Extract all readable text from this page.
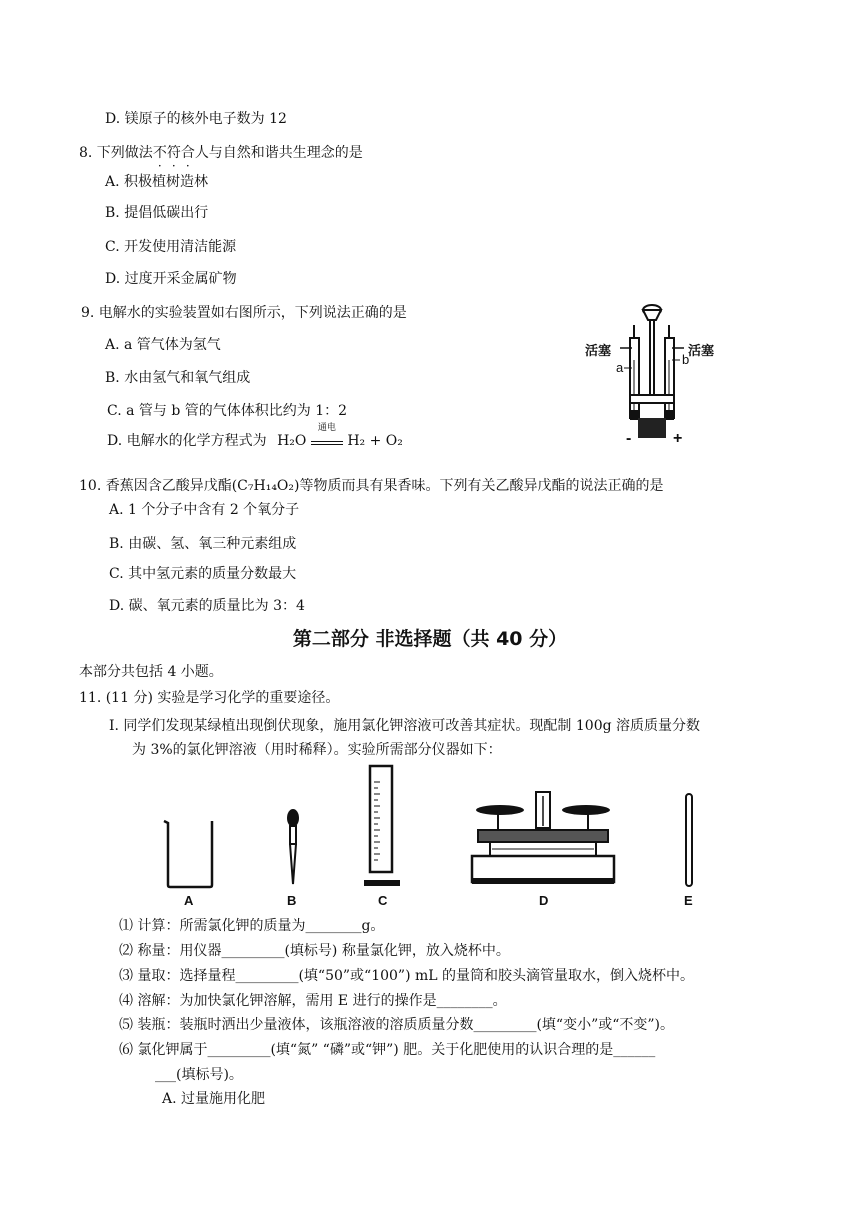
D. 镁原子的核外电子数为 12
8. 下列做法不符合人与自然和谐共生理念的是
A. 积极植树造林
B. 提倡低碳出行
C. 开发使用清洁能源
D. 过度开采金属矿物
9. 电解水的实验装置如右图所示，下列说法正确的是
A. a 管气体为氢气
B. 水由氢气和氧气组成
C. a 管与 b 管的气体体积比约为 1：2
D. 电解水的化学方程式为 H₂O
通电
H₂ + O₂
活塞	活塞
a
b
-	+
10. 香蕉因含乙酸异戊酯(C₇H₁₄O₂)等物质而具有果香味。下列有关乙酸异戊酯的说法正确的是
A. 1 个分子中含有 2 个氧分子
B. 由碳、氢、氧三种元素组成
C. 其中氢元素的质量分数最大
D. 碳、氧元素的质量比为 3：4
第二部分 非选择题（共 40 分）
本部分共包括 4 小题。
11. (11 分) 实验是学习化学的重要途径。
I. 同学们发现某绿植出现倒伏现象，施用氯化钾溶液可改善其症状。现配制 100g 溶质质量分数
为 3%的氯化钾溶液（用时稀释）。实验所需部分仪器如下：
A	B	C	D	E
⑴ 计算：所需氯化钾的质量为________g。
⑵ 称量：用仪器_________(填标号) 称量氯化钾，放入烧杯中。
⑶ 量取：选择量程_________(填“50”或“100”) mL 的量筒和胶头滴管量取水，倒入烧杯中。
⑷ 溶解：为加快氯化钾溶解，需用 E 进行的操作是________。
⑸ 装瓶：装瓶时洒出少量液体，该瓶溶液的溶质质量分数_________(填“变小”或“不变”)。
⑹ 氯化钾属于_________(填“氮” “磷”或“钾”) 肥。关于化肥使用的认识合理的是______
___(填标号)。
A. 过量施用化肥
